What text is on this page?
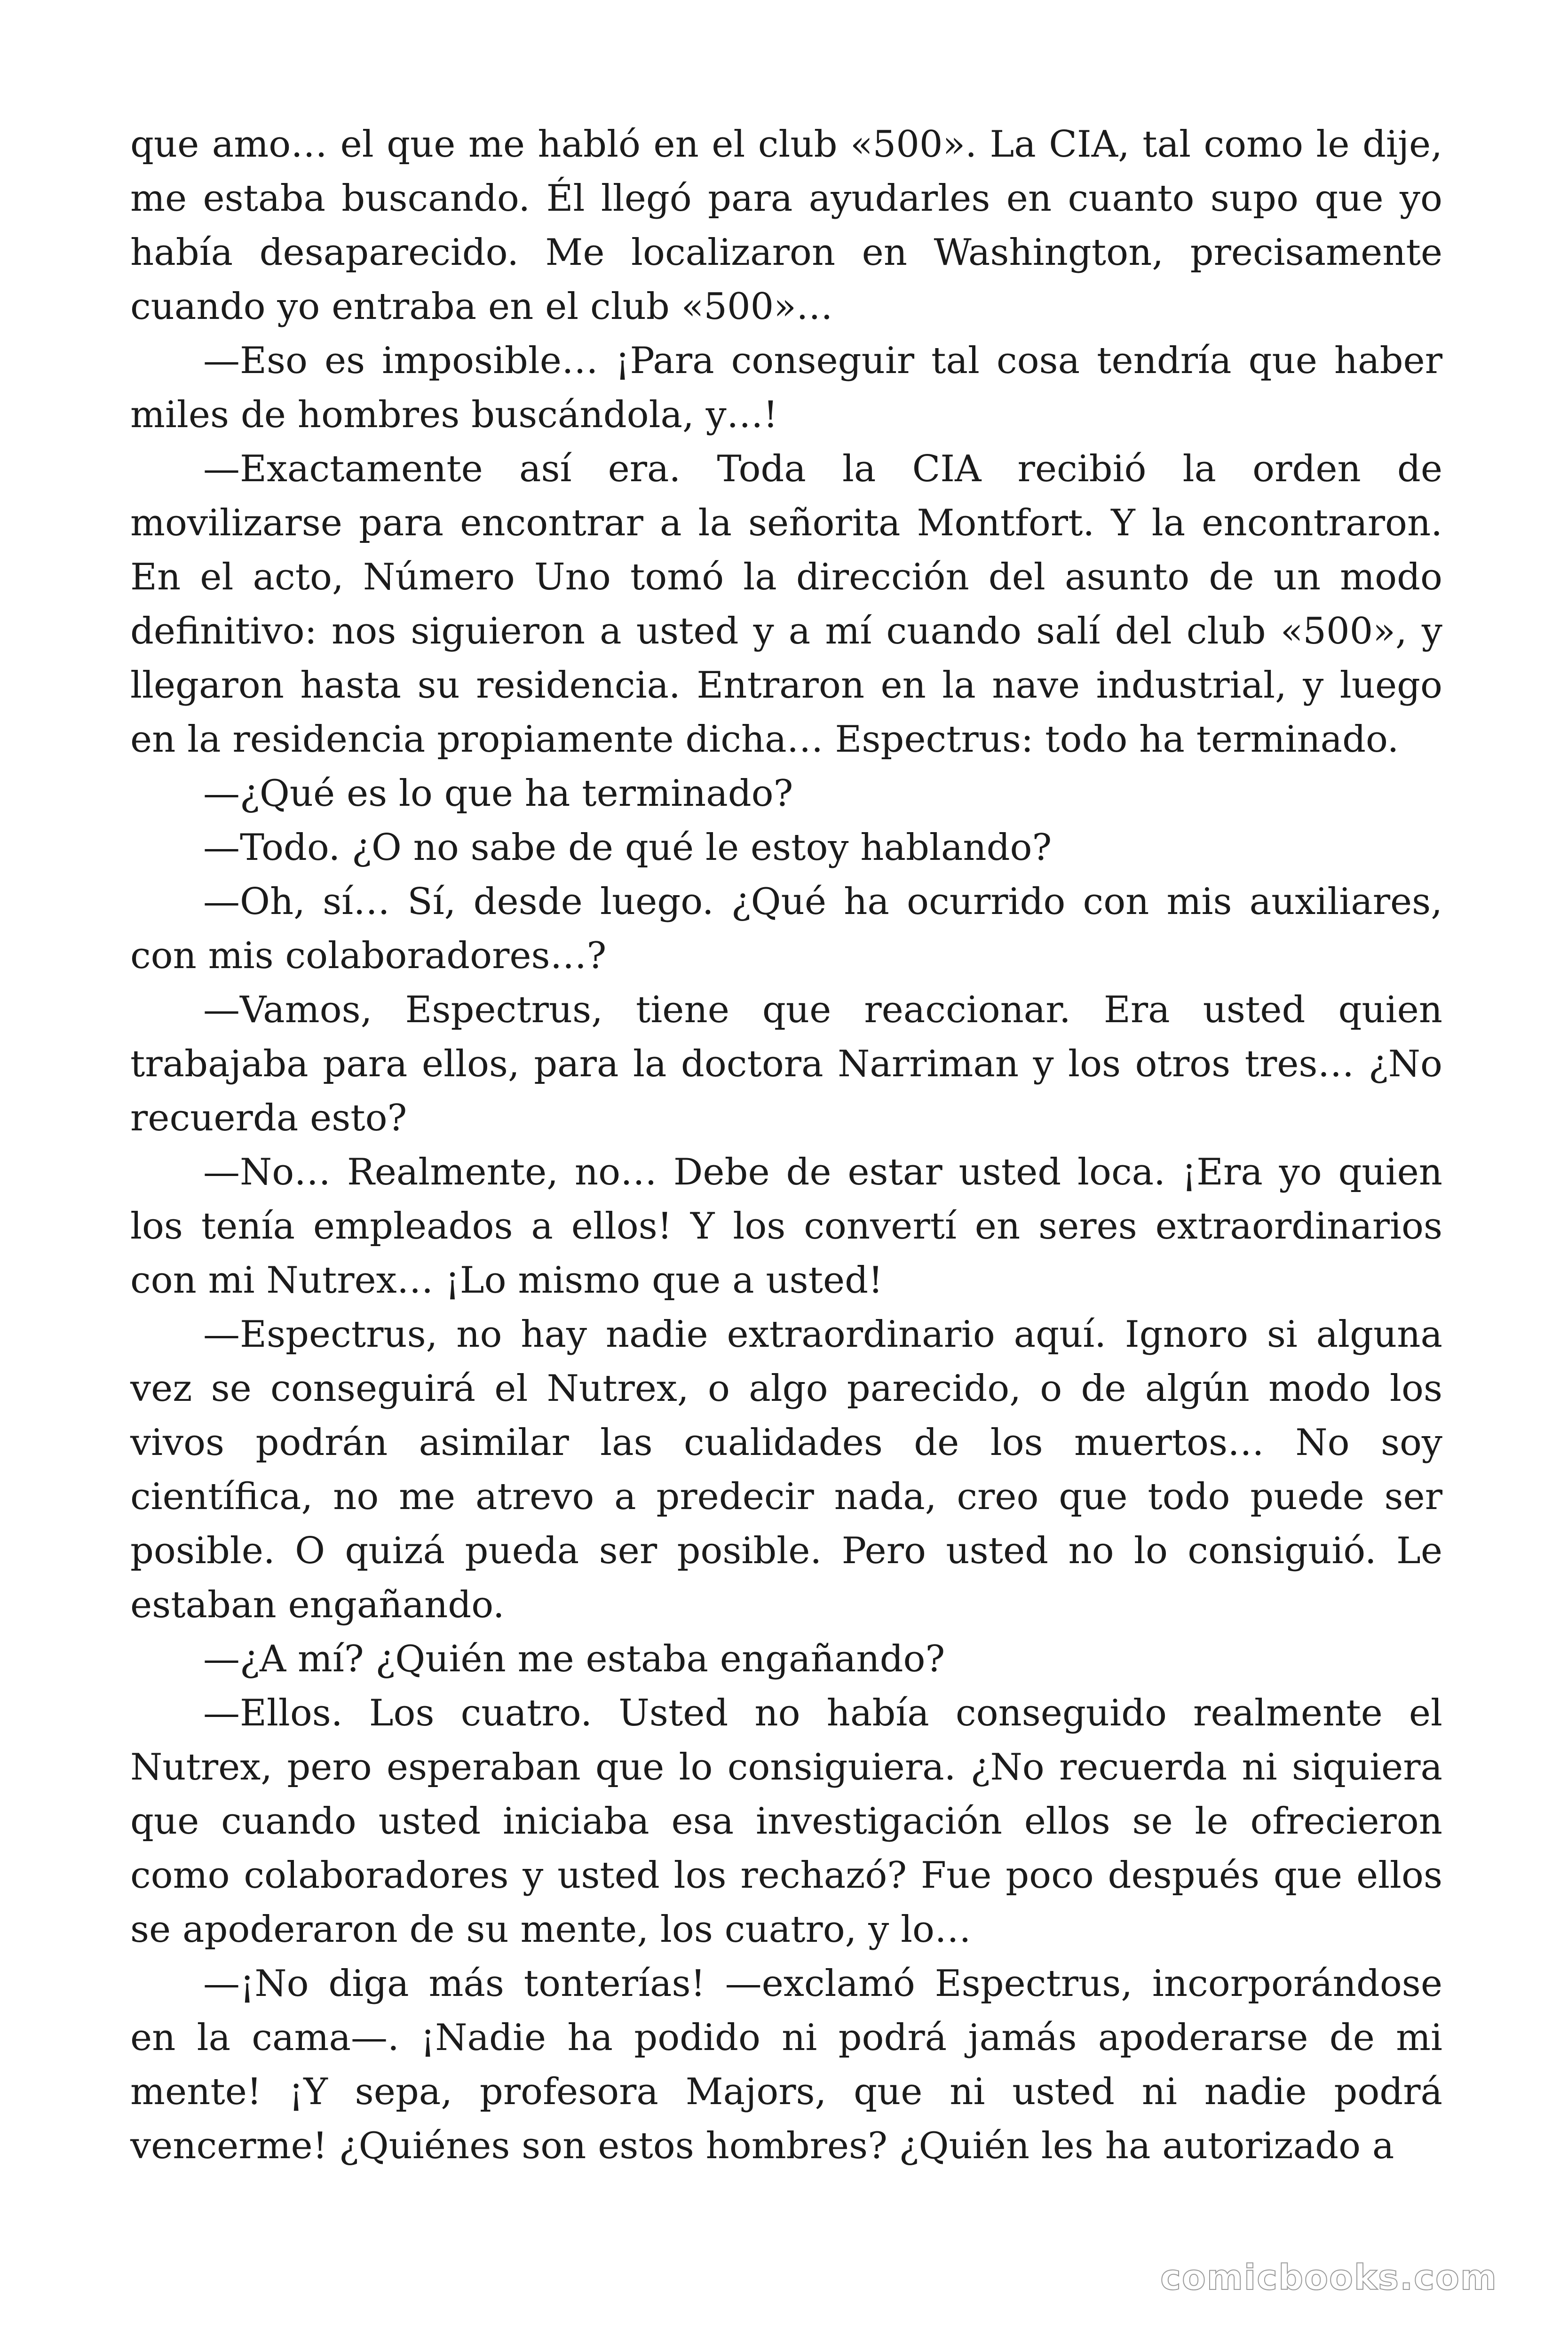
que amo… el que me habló en el club «500». La CIA, tal como le dije, me estaba buscando. Él llegó para ayudarles en cuanto supo que yo había desaparecido. Me localizaron en Washington, precisamente cuando yo entraba en el club «500»…

—Eso es imposible… ¡Para conseguir tal cosa tendría que haber miles de hombres buscándola, y…!

—Exactamente así era. Toda la CIA recibió la orden de movilizarse para encontrar a la señorita Montfort. Y la encontraron. En el acto, Número Uno tomó la dirección del asunto de un modo definitivo: nos siguieron a usted y a mí cuando salí del club «500», y llegaron hasta su residencia. Entraron en la nave industrial, y luego en la residencia propiamente dicha… Espectrus: todo ha terminado.

—¿Qué es lo que ha terminado?

—Todo. ¿O no sabe de qué le estoy hablando?

—Oh, sí… Sí, desde luego. ¿Qué ha ocurrido con mis auxiliares, con mis colaboradores…?

—Vamos, Espectrus, tiene que reaccionar. Era usted quien trabajaba para ellos, para la doctora Narriman y los otros tres… ¿No recuerda esto?

—No… Realmente, no… Debe de estar usted loca. ¡Era yo quien los tenía empleados a ellos! Y los convertí en seres extraordinarios con mi Nutrex… ¡Lo mismo que a usted!

—Espectrus, no hay nadie extraordinario aquí. Ignoro si alguna vez se conseguirá el Nutrex, o algo parecido, o de algún modo los vivos podrán asimilar las cualidades de los muertos… No soy científica, no me atrevo a predecir nada, creo que todo puede ser posible. O quizá pueda ser posible. Pero usted no lo consiguió. Le estaban engañando.

—¿A mí? ¿Quién me estaba engañando?

—Ellos. Los cuatro. Usted no había conseguido realmente el Nutrex, pero esperaban que lo consiguiera. ¿No recuerda ni siquiera que cuando usted iniciaba esa investigación ellos se le ofrecieron como colaboradores y usted los rechazó? Fue poco después que ellos se apoderaron de su mente, los cuatro, y lo…

—¡No diga más tonterías! —exclamó Espectrus, incorporándose en la cama—. ¡Nadie ha podido ni podrá jamás apoderarse de mi mente! ¡Y sepa, profesora Majors, que ni usted ni nadie podrá vencerme! ¿Quiénes son estos hombres? ¿Quién les ha autorizado a

comicbooks.com
